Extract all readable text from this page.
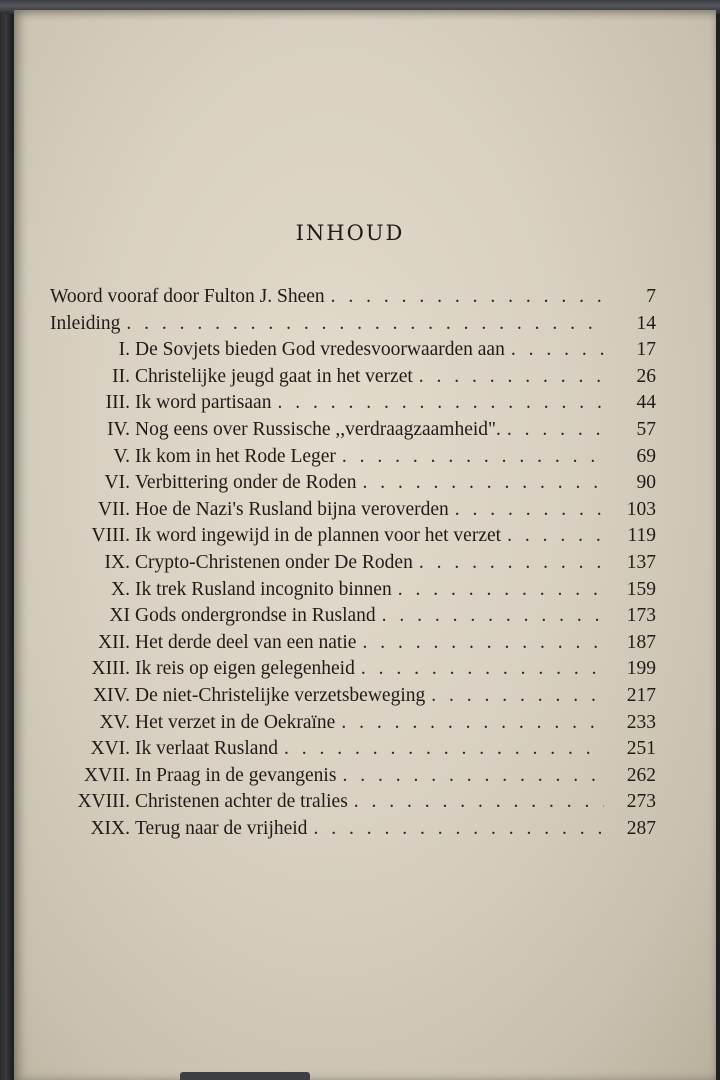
INHOUD
Woord vooraf door Fulton J. Sheen . . .	7
Inleiding . . .	14
I. De Sovjets bieden God vredesvoorwaarden aan . . .	17
II. Christelijke jeugd gaat in het verzet . . .	26
III. Ik word partisaan . . .	44
IV. Nog eens over Russische ,,verdraagzaamheid". . . .	57
V. Ik kom in het Rode Leger . . .	69
VI. Verbittering onder de Roden . . .	90
VII. Hoe de Nazi's Rusland bijna veroverden . . .	103
VIII. Ik word ingewijd in de plannen voor het verzet . . .	119
IX. Crypto-Christenen onder De Roden . . .	137
X. Ik trek Rusland incognito binnen . . .	159
XI Gods ondergrondse in Rusland . . .	173
XII. Het derde deel van een natie . . .	187
XIII. Ik reis op eigen gelegenheid . . .	199
XIV. De niet-Christelijke verzetsbeweging . . .	217
XV. Het verzet in de Oekraïne . . .	233
XVI. Ik verlaat Rusland . . .	251
XVII. In Praag in de gevangenis . . .	262
XVIII. Christenen achter de tralies . . .	273
XIX. Terug naar de vrijheid . . .	287
